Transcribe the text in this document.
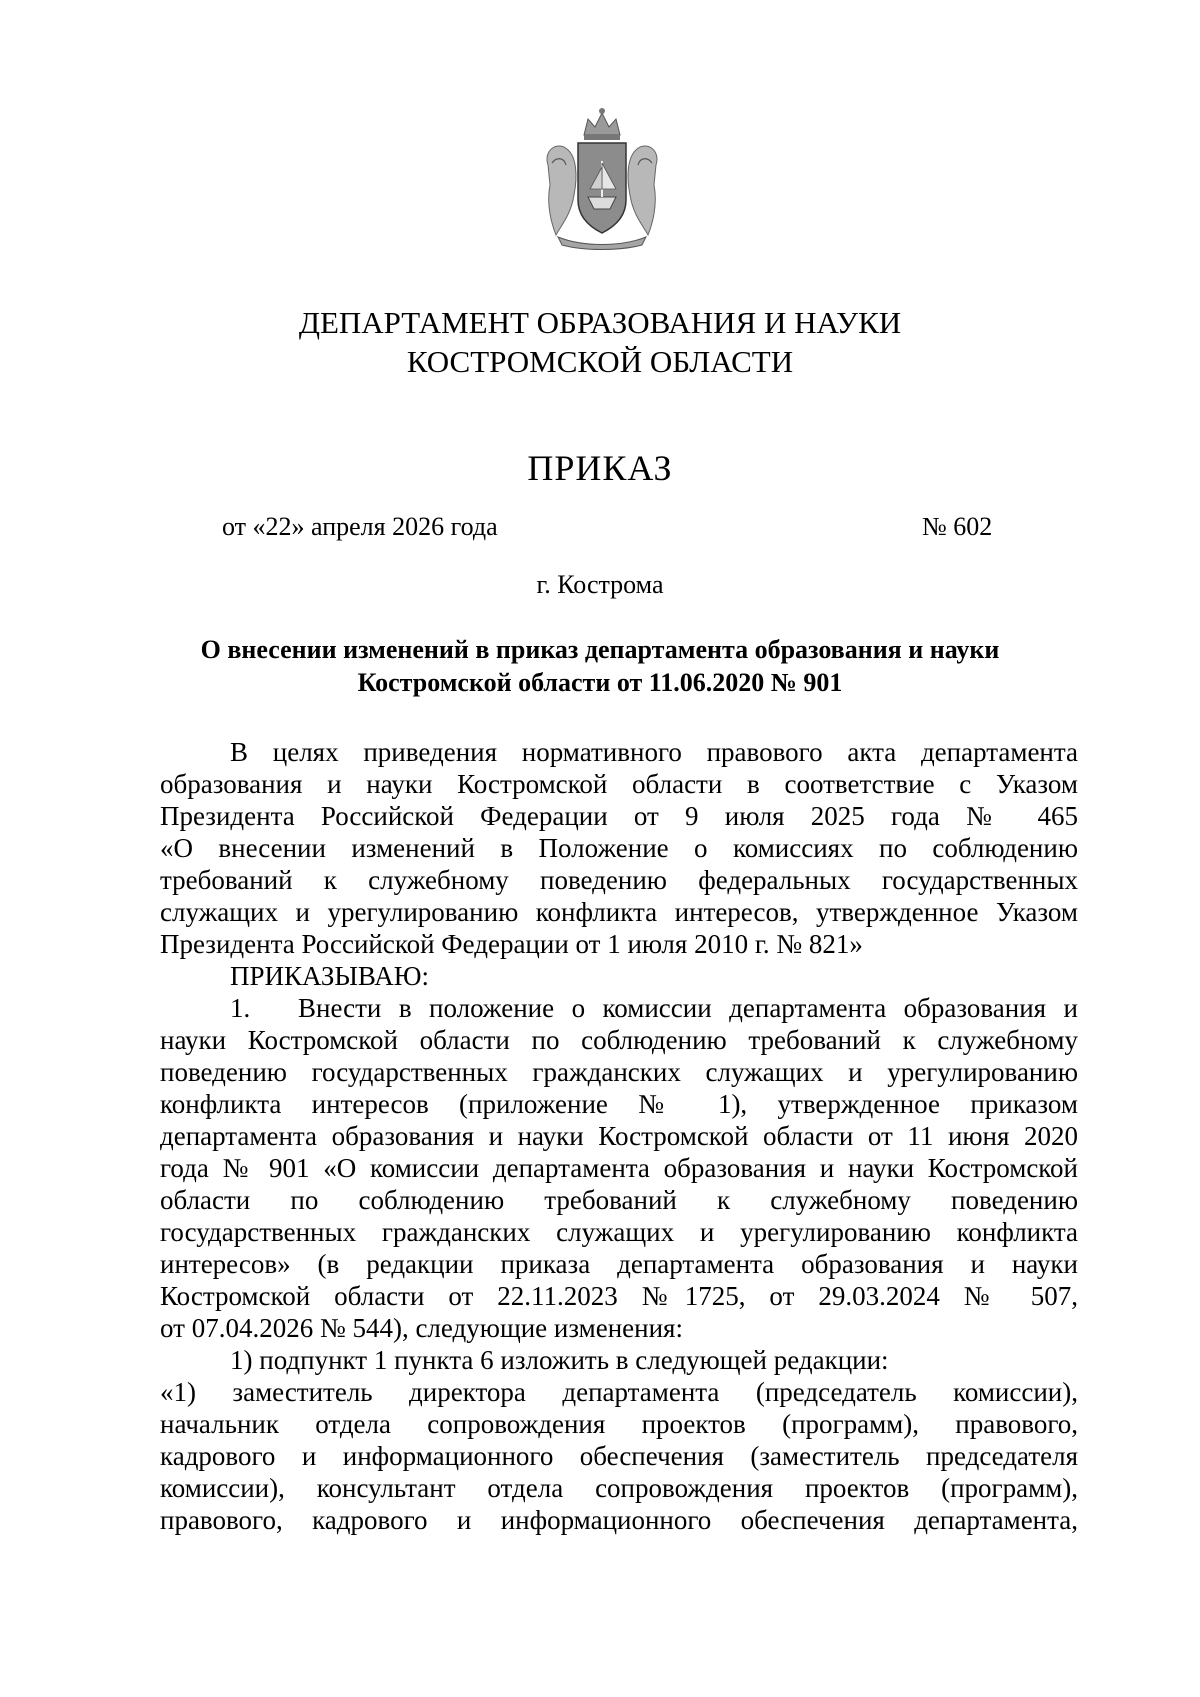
ДЕПАРТАМЕНТ ОБРАЗОВАНИЯ И НАУКИ
КОСТРОМСКОЙ ОБЛАСТИ
ПРИКАЗ
от «22» апреля 2026 года	№ 602
г. Кострома
О внесении изменений в приказ департамента образования и науки
Костромской области от 11.06.2020 № 901
В целях приведения нормативного правового акта департамента
образования и науки Костромской области в соответствие с Указом
Президента Российской Федерации от 9 июля 2025 года № 465
«О внесении изменений в Положение о комиссиях по соблюдению
требований к служебному поведению федеральных государственных
служащих и урегулированию конфликта интересов, утвержденное Указом
Президента Российской Федерации от 1 июля 2010 г. № 821»
ПРИКАЗЫВАЮ:
1. Внести в положение о комиссии департамента образования и
науки Костромской области по соблюдению требований к служебному
поведению государственных гражданских служащих и урегулированию
конфликта интересов (приложение № 1), утвержденное приказом
департамента образования и науки Костромской области от 11 июня 2020
года № 901 «О комиссии департамента образования и науки Костромской
области по соблюдению требований к служебному поведению
государственных гражданских служащих и урегулированию конфликта
интересов» (в редакции приказа департамента образования и науки
Костромской области от 22.11.2023 №1725, от 29.03.2024 № 507,
от 07.04.2026 № 544), следующие изменения:
1) подпункт 1 пункта 6 изложить в следующей редакции:
«1) заместитель директора департамента (председатель комиссии),
начальник отдела сопровождения проектов (программ), правового,
кадрового и информационного обеспечения (заместитель председателя
комиссии), консультант отдела сопровождения проектов (программ),
правового, кадрового и информационного обеспечения департамента,
